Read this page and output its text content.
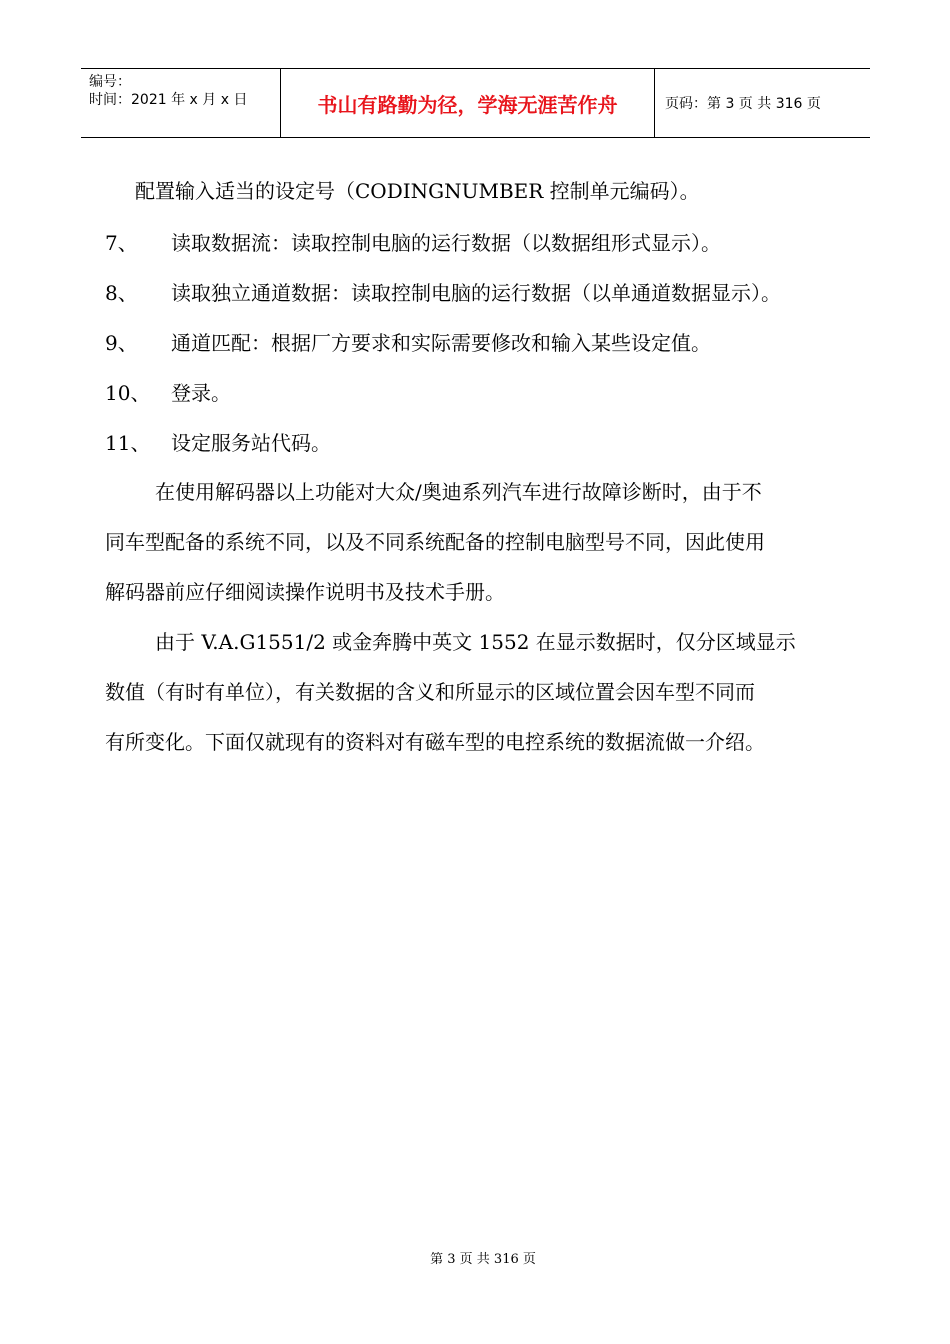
编号：
时间：2021 年 x 月 x 日	书山有路勤为径，学海无涯苦作舟	页码：第 3 页 共 316 页
配置输入适当的设定号（CODINGNUMBER 控制单元编码）。
7、 读取数据流：读取控制电脑的运行数据（以数据组形式显示）。
8、 读取独立通道数据：读取控制电脑的运行数据（以单通道数据显示）。
9、 通道匹配：根据厂方要求和实际需要修改和输入某些设定值。
10、 登录。
11、 设定服务站代码。
在使用解码器以上功能对大众/奥迪系列汽车进行故障诊断时，由于不
同车型配备的系统不同，以及不同系统配备的控制电脑型号不同，因此使用
解码器前应仔细阅读操作说明书及技术手册。
由于 V.A.G1551/2 或金奔腾中英文 1552 在显示数据时，仅分区域显示
数值（有时有单位），有关数据的含义和所显示的区域位置会因车型不同而
有所变化。下面仅就现有的资料对有磁车型的电控系统的数据流做一介绍。
第 3 页 共 316 页
